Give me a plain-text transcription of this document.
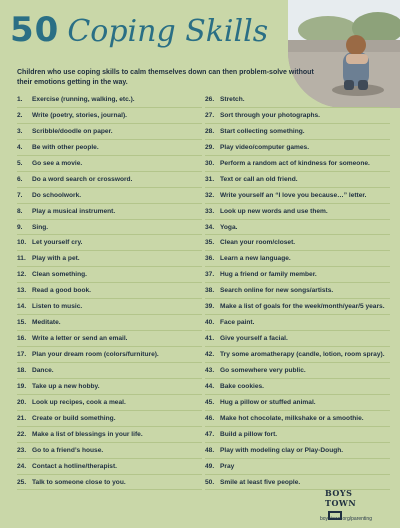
50 Coping Skills
Children who use coping skills to calm themselves down can then problem-solve without their emotions getting in the way.
1. Exercise (running, walking, etc.).
2. Write (poetry, stories, journal).
3. Scribble/doodle on paper.
4. Be with other people.
5. Go see a movie.
6. Do a word search or crossword.
7. Do schoolwork.
8. Play a musical instrument.
9. Sing.
10. Let yourself cry.
11. Play with a pet.
12. Clean something.
13. Read a good book.
14. Listen to music.
15. Meditate.
16. Write a letter or send an email.
17. Plan your dream room (colors/furniture).
18. Dance.
19. Take up a new hobby.
20. Look up recipes, cook a meal.
21. Create or build something.
22. Make a list of blessings in your life.
23. Go to a friend’s house.
24. Contact a hotline/therapist.
25. Talk to someone close to you.
26. Stretch.
27. Sort through your photographs.
28. Start collecting something.
29. Play video/computer games.
30. Perform a random act of kindness for someone.
31. Text or call an old friend.
32. Write yourself an “I love you because…” letter.
33. Look up new words and use them.
34. Yoga.
35. Clean your room/closet.
36. Learn a new language.
37. Hug a friend or family member.
38. Search online for new songs/artists.
39. Make a list of goals for the week/month/year/5 years.
40. Face paint.
41. Give yourself a facial.
42. Try some aromatherapy (candle, lotion, room spray).
43. Go somewhere very public.
44. Bake cookies.
45. Hug a pillow or stuffed animal.
46. Make hot chocolate, milkshake or a smoothie.
47. Build a pillow fort.
48. Play with modeling clay or Play-Dough.
49. Pray
50. Smile at least five people.
BOYS TOWN
boystown.org/parenting
